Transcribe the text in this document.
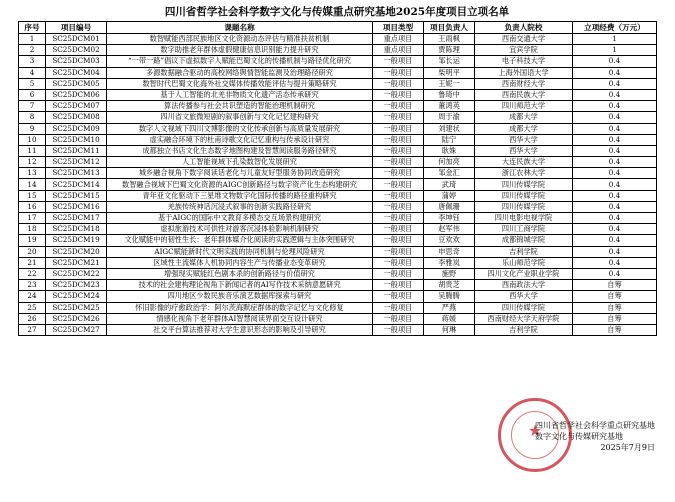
四川省哲学社会科学数字文化与传媒重点研究基地2025年度项目立项名单
序号	项目编号	课题名称	项目类型	项目负责人	负责人院校	立项经费（万元）
1	SC25DCM01	数智赋能西部民族地区文化资源动态评估与精准扶贫机制	重点项目	王雨枫	西南交通大学	1
2	SC25DCM02	数字助推老年群体虚假健康信息识别能力提升研究	重点项目	贾陈理	宜宾学院	1
3	SC25DCM03	“一带一路”倡议下虚拟数字人赋能巴蜀文化的传播机制与路径优化研究	一般项目	邹长运	电子科技大学	0.4
4	SC25DCM04	多源数据融合驱动的高校网络舆情智能监测及治理路径研究	一般项目	柴明平	上海外国语大学	0.4
5	SC25DCM05	数智时代巴蜀文化海外社交媒体传播效能评估与提升策略研究	一般项目	王妮一	西南财经大学	0.4
6	SC25DCM06	基于人工智能的北羌非物质文化遗产活态传承研究	一般项目	鲁琦中	西南民族大学	0.4
7	SC25DCM07	算法传播参与社会共识塑造的智能治理机制研究	一般项目	董鸿英	四川师范大学	0.4
8	SC25DCM08	四川省文旅微短剧的叙事创新与文化记忆建构研究	一般项目	周于渝	成都大学	0.4
9	SC25DCM09	数字人文视域下四川文博影像的文化传承创新与高质量发展研究	一般项目	刘建状	成都大学	0.4
10	SC25DCM10	虚实融合环境下的杜甫诗歌文化记忆重构与传承设计研究	一般项目	陆宁	西华大学	0.4
11	SC25DCM11	成都独立书店文化生态数字地图构建及智慧阅读服务路径研究	一般项目	耿姝	西华大学	0.4
12	SC25DCM12	人工智能视域下孔染数智化发展研究	一般项目	何加亮	大连民族大学	0.4
13	SC25DCM13	城乡融合视角下数字阅读话老化与儿童友好型服务协同改造研究	一般项目	邹金汇	浙江农林大学	0.4
14	SC25DCM14	数智融合视域下巴蜀文化资源的AIGC创新路径与数字资产化生态构建研究	一般项目	武琦	四川传媒学院	0.4
15	SC25DCM15	青年亚文化驱动下三星堆文物数字化国际传播的路径重构研究	一般项目	蒲婷	四川传媒学院	0.4
16	SC25DCM16	羌族传统神话沉浸式叙事的创新实践路径研究	一般项目	唐佩珊	四川传媒学院	0.4
17	SC25DCM17	基于AIGC的国际中文教育多模态交互场景构建研究	一般项目	李坤钰	四川电影电视学院	0.4
18	SC25DCM18	虚拟旅游技术可供性对游客沉浸体验影响机制研究	一般项目	赵军伟	四川工商学院	0.4
19	SC25DCM19	文化赋能中的韧性生长：老年群体媒介化阅读的实践逻辑与主体突围研究	一般项目	豆欢欢	成都锦城学院	0.4
20	SC25DCM20	AIGC赋能新时代文明实践的协同机制与伦理风险研究	一般项目	申思奇	吉利学院	0.4
21	SC25DCM21	区域性主流媒体人机协同内容生产与传播业态变革研究	一般项目	李雅岚	乐山师范学院	0.4
22	SC25DCM22	增强现实赋能红色剧本杀的创新路径与价值研究	一般项目	施野	四川文化产业职业学院	0.4
23	SC25DCM23	技术的社会建构理论视角下新闻记者的AI写作技术采纳意愿研究	一般项目	胡贵芝	西南政法大学	自筹
24	SC25DCM24	四川地区少数民族音乐演艺数据库探索与研究	一般项目	吴腾腾	西华大学	自筹
25	SC25DCM25	怀旧影像的疗愈政治学：阿尔茨海默症群体的数字记忆与文化修复	一般项目	严燕	四川传媒学院	自筹
26	SC25DCM26	情感化视角下老年群体AI智慧阅读界面交互设计研究	一般项目	蒋媛	西南财经大学天府学院	自筹
27	SC25DCM27	社交平台算法推荐对大学生意识形态的影响及引导研究	一般项目	何琳	吉利学院	自筹
★
四川省哲学社会科学重点研究基地
数字文化与传媒研究基地
2025年7月9日
